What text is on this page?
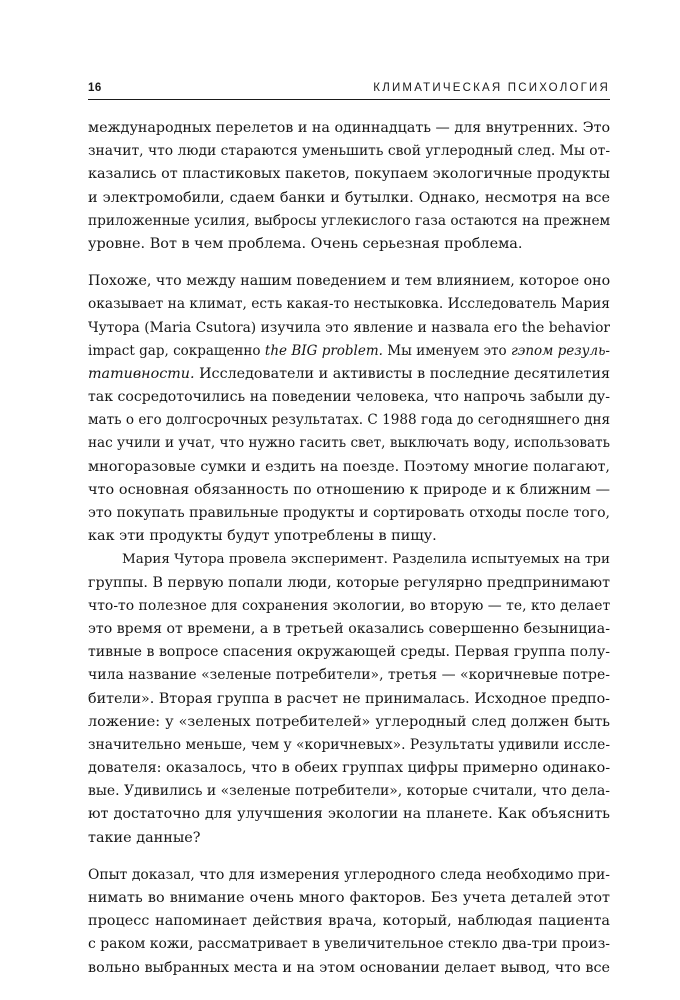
16	КЛИМАТИЧЕСКАЯ ПСИХОЛОГИЯ
международных перелетов и на одиннадцать — для внутренних. Это
значит, что люди стараются уменьшить свой углеродный след. Мы от-
казались от пластиковых пакетов, покупаем экологичные продукты
и электромобили, сдаем банки и бутылки. Однако, несмотря на все
приложенные усилия, выбросы углекислого газа остаются на прежнем
уровне. Вот в чем проблема. Очень серьезная проблема.
Похоже, что между нашим поведением и тем влиянием, которое оно
оказывает на климат, есть какая-то нестыковка. Исследователь Мария
Чутора (Maria Csutora) изучила это явление и назвала его the behavior
impact gap, сокращенно the BIG problem. Мы именуем это гэпом резуль-
тативности. Исследователи и активисты в последние десятилетия
так сосредоточились на поведении человека, что напрочь забыли ду-
мать о его долгосрочных результатах. С 1988 года до сегодняшнего дня
нас учили и учат, что нужно гасить свет, выключать воду, использовать
многоразовые сумки и ездить на поезде. Поэтому многие полагают,
что основная обязанность по отношению к природе и к ближним —
это покупать правильные продукты и сортировать отходы после того,
как эти продукты будут употреблены в пищу.
Мария Чутора провела эксперимент. Разделила испытуемых на три
группы. В первую попали люди, которые регулярно предпринимают
что-то полезное для сохранения экологии, во вторую — те, кто делает
это время от времени, а в третьей оказались совершенно безынициа-
тивные в вопросе спасения окружающей среды. Первая группа полу-
чила название «зеленые потребители», третья — «коричневые потре-
бители». Вторая группа в расчет не принималась. Исходное предпо-
ложение: у «зеленых потребителей» углеродный след должен быть
значительно меньше, чем у «коричневых». Результаты удивили иссле-
дователя: оказалось, что в обеих группах цифры примерно одинако-
вые. Удивились и «зеленые потребители», которые считали, что дела-
ют достаточно для улучшения экологии на планете. Как объяснить
такие данные?
Опыт доказал, что для измерения углеродного следа необходимо при-
нимать во внимание очень много факторов. Без учета деталей этот
процесс напоминает действия врача, который, наблюдая пациента
с раком кожи, рассматривает в увеличительное стекло два-три произ-
вольно выбранных места и на этом основании делает вывод, что все
